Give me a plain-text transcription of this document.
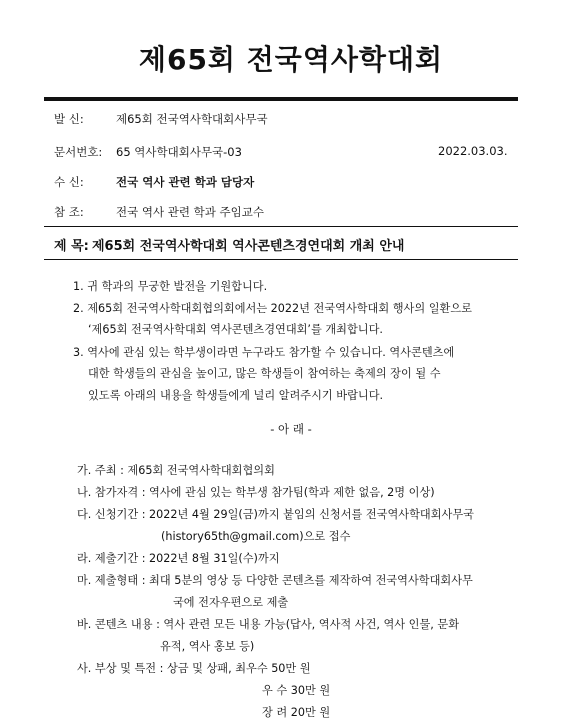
제65회 전국역사학대회
발 신:	제65회 전국역사학대회사무국
문서번호: 65 역사학대회사무국-03	2022.03.03.
수 신:	전국 역사 관련 학과 담당자
참 조:	전국 역사 관련 학과 주임교수
제 목: 제65회 전국역사학대회 역사콘텐츠경연대회 개최 안내
1. 귀 학과의 무궁한 발전을 기원합니다.
2. 제65회 전국역사학대회협의회에서는 2022년 전국역사학대회 행사의 일환으로
‘제65회 전국역사학대회 역사콘텐츠경연대회’를 개최합니다.
3. 역사에 관심 있는 학부생이라면 누구라도 참가할 수 있습니다. 역사콘텐츠에
대한 학생들의 관심을 높이고, 많은 학생들이 참여하는 축제의 장이 될 수
있도록 아래의 내용을 학생들에게 널리 알려주시기 바랍니다.
- 아 래 -
가. 주최 : 제65회 전국역사학대회협의회
나. 참가자격 : 역사에 관심 있는 학부생 참가팀(학과 제한 없음, 2명 이상)
다. 신청기간 : 2022년 4월 29일(금)까지 붙임의 신청서를 전국역사학대회사무국
(history65th@gmail.com)으로 접수
라. 제출기간 : 2022년 8월 31일(수)까지
마. 제출형태 : 최대 5분의 영상 등 다양한 콘텐츠를 제작하여 전국역사학대회사무
국에 전자우편으로 제출
바. 콘텐츠 내용 : 역사 관련 모든 내용 가능(답사, 역사적 사건, 역사 인물, 문화
유적, 역사 홍보 등)
사. 부상 및 특전 : 상금 및 상패, 최우수 50만 원
우 수 30만 원
장 려 20만 원
